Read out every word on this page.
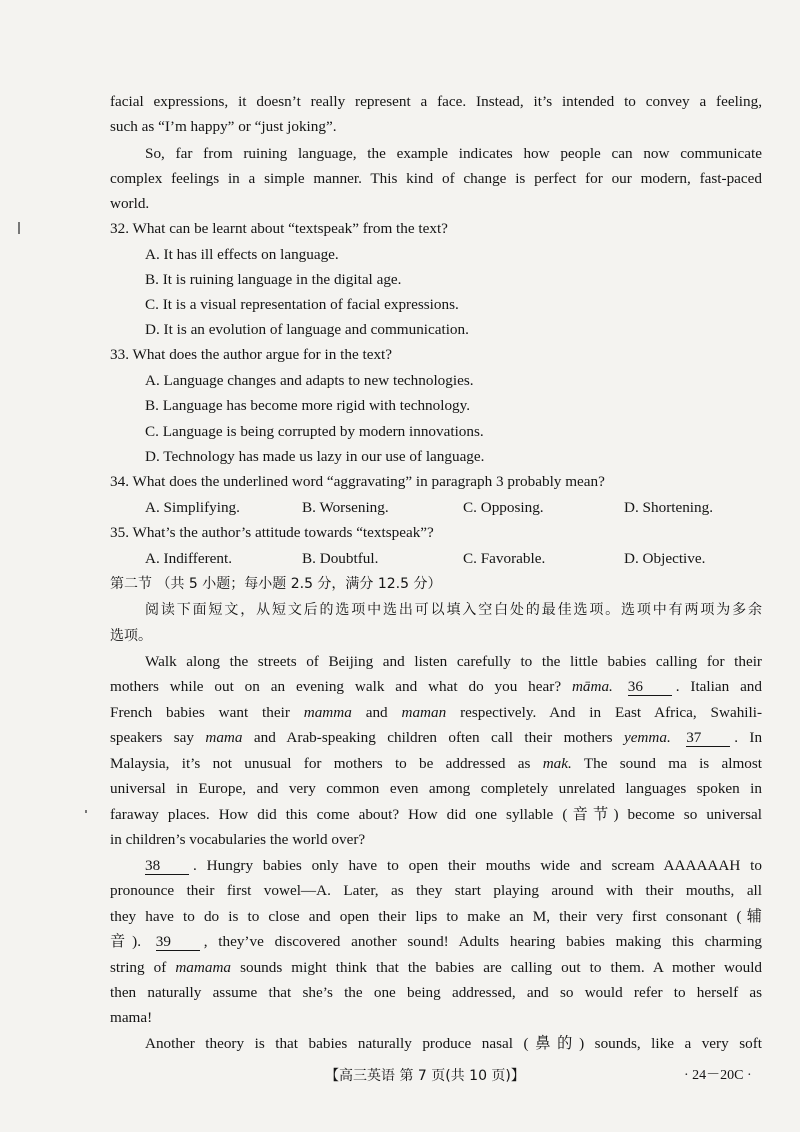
facial expressions, it doesn’t really represent a face. Instead, it’s intended to convey a feeling,
such as “I’m happy” or “just joking”.
So, far from ruining language, the example indicates how people can now communicate
complex feelings in a simple manner. This kind of change is perfect for our modern, fast-paced
world.
32. What can be learnt about “textspeak” from the text?
A. It has ill effects on language.
B. It is ruining language in the digital age.
C. It is a visual representation of facial expressions.
D. It is an evolution of language and communication.
33. What does the author argue for in the text?
A. Language changes and adapts to new technologies.
B. Language has become more rigid with technology.
C. Language is being corrupted by modern innovations.
D. Technology has made us lazy in our use of language.
34. What does the underlined word “aggravating” in paragraph 3 probably mean?
A. Simplifying.	B. Worsening.	C. Opposing.	D. Shortening.
35. What’s the author’s attitude towards “textspeak”?
A. Indifferent.	B. Doubtful.	C. Favorable.	D. Objective.
第二节 （共 5 小题；每小题 2.5 分，满分 12.5 分）
阅读下面短文，从短文后的选项中选出可以填入空白处的最佳选项。选项中有两项为多余
选项。
Walk along the streets of Beijing and listen carefully to the little babies calling for their
mothers while out on an evening walk and what do you hear? māma. 36 . Italian and
French babies want their mamma and maman respectively. And in East Africa, Swahili-
speakers say mama and Arab-speaking children often call their mothers yemma. 37 . In
Malaysia, it’s not unusual for mothers to be addressed as mak. The sound ma is almost
universal in Europe, and very common even among completely unrelated languages spoken in
faraway places. How did this come about? How did one syllable (音节) become so universal
in children’s vocabularies the world over?
38 . Hungry babies only have to open their mouths wide and scream AAAAAAH to
pronounce their first vowel—A. Later, as they start playing around with their mouths, all
they have to do is to close and open their lips to make an M, their very first consonant (辅
音). 39 , they’ve discovered another sound! Adults hearing babies making this charming
string of mamama sounds might think that the babies are calling out to them. A mother would
then naturally assume that she’s the one being addressed, and so would refer to herself as
mama!
Another theory is that babies naturally produce nasal (鼻的) sounds, like a very soft
【高三英语 第 7 页(共 10 页)】	· 24－20C ·
